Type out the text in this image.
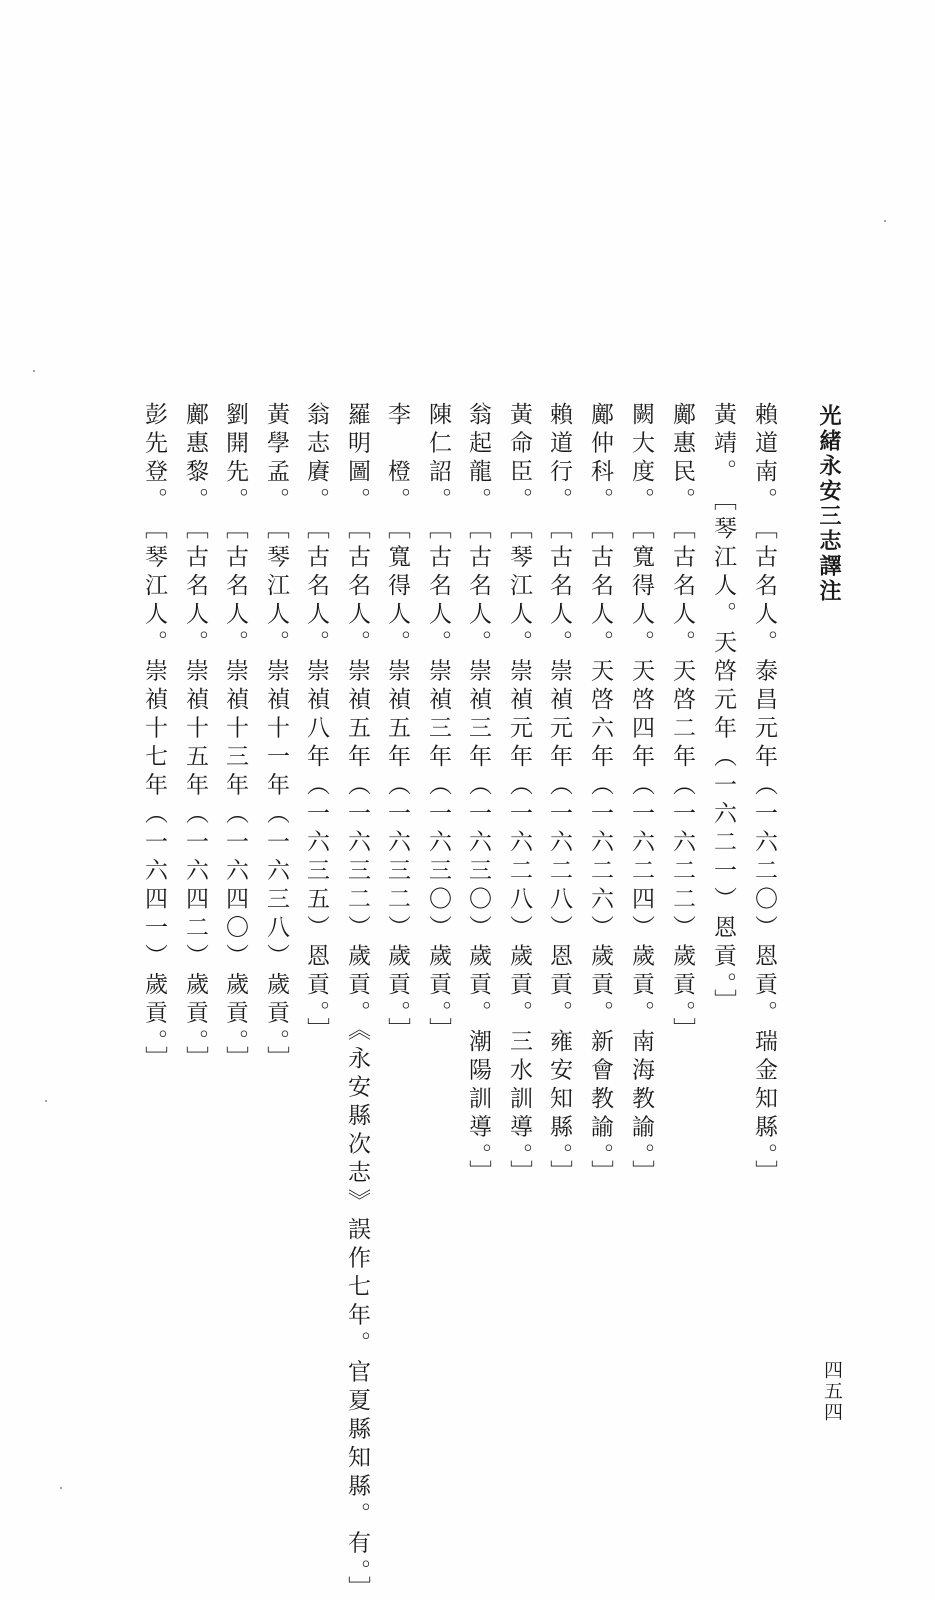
光緒永安三志譯注
賴道南。［古名人。泰昌元年（一六二〇）恩貢。瑞金知縣。］
黃靖。［琴江人。天啓元年（一六二一）恩貢。］
鄺惠民。［古名人。天啓二年（一六二二）歲貢。］
闕大度。［寬得人。天啓四年（一六二四）歲貢。南海教諭。］
鄺仲科。［古名人。天啓六年（一六二六）歲貢。新會教諭。］
賴道行。［古名人。崇禎元年（一六二八）恩貢。雍安知縣。］
黃命臣。［琴江人。崇禎元年（一六二八）歲貢。三水訓導。］
翁起龍。［古名人。崇禎三年（一六三〇）歲貢。潮陽訓導。］
陳仁詔。［古名人。崇禎三年（一六三〇）歲貢。］
李　橙。［寬得人。崇禎五年（一六三二）歲貢。］
羅明圖。［古名人。崇禎五年（一六三二）歲貢。《永安縣次志》誤作七年。官夏縣知縣。有。］
翁志賡。［古名人。崇禎八年（一六三五）恩貢。］
黃學孟。［琴江人。崇禎十一年（一六三八）歲貢。］
劉開先。［古名人。崇禎十三年（一六四〇）歲貢。］
鄺惠黎。［古名人。崇禎十五年（一六四二）歲貢。］
彭先登。［琴江人。崇禎十七年（一六四一）歲貢。］
四五四
